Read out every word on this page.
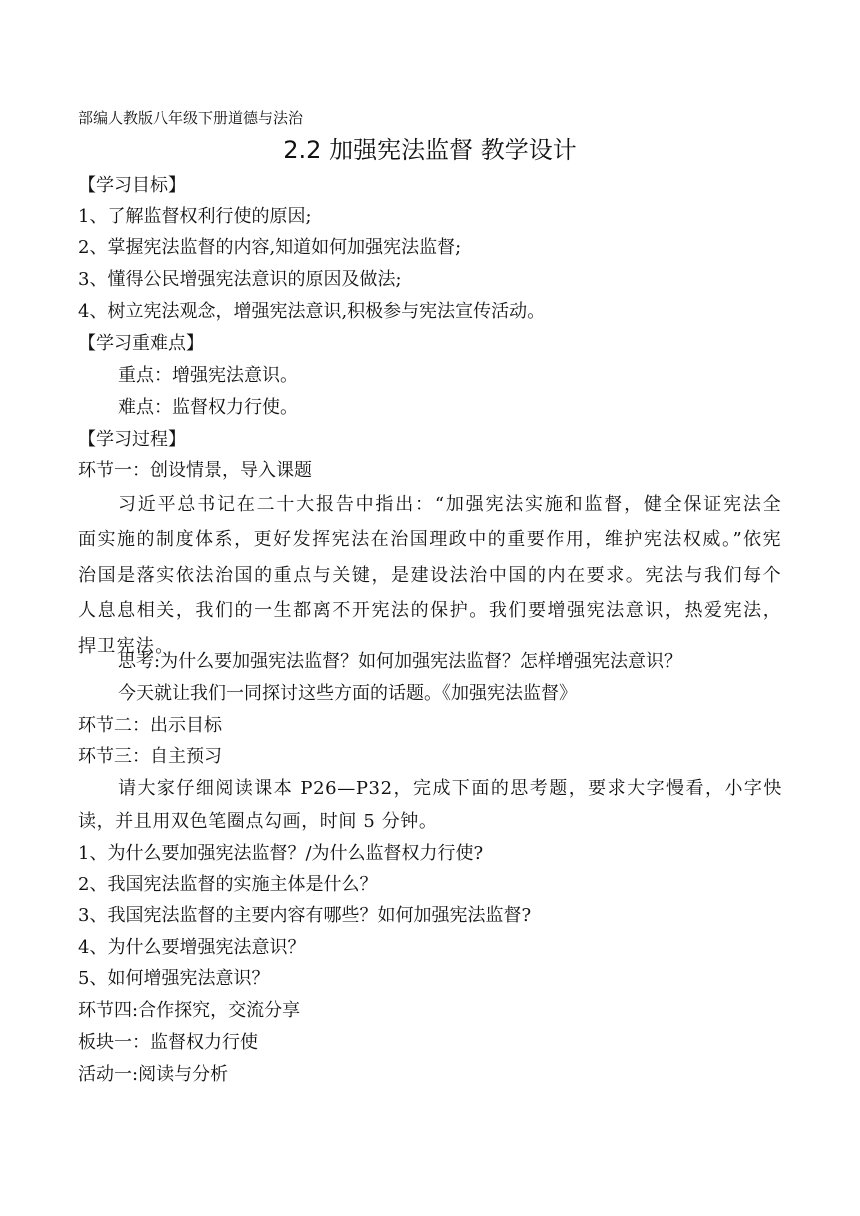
部编人教版八年级下册道德与法治
2.2 加强宪法监督 教学设计
【学习目标】
1、了解监督权利行使的原因;
2、掌握宪法监督的内容,知道如何加强宪法监督;
3、懂得公民增强宪法意识的原因及做法;
4、树立宪法观念，增强宪法意识,积极参与宪法宣传活动。
【学习重难点】
重点：增强宪法意识。
难点：监督权力行使。
【学习过程】
环节一：创设情景，导入课题
习近平总书记在二十大报告中指出：“加强宪法实施和监督，健全保证宪法全面实施的制度体系，更好发挥宪法在治国理政中的重要作用，维护宪法权威。”依宪治国是落实依法治国的重点与关键，是建设法治中国的内在要求。宪法与我们每个人息息相关，我们的一生都离不开宪法的保护。我们要增强宪法意识，热爱宪法，捍卫宪法。
思考:为什么要加强宪法监督？如何加强宪法监督？怎样增强宪法意识？
今天就让我们一同探讨这些方面的话题。《加强宪法监督》
环节二：出示目标
环节三：自主预习
请大家仔细阅读课本 P26—P32，完成下面的思考题，要求大字慢看，小字快读，并且用双色笔圈点勾画，时间 5 分钟。
1、为什么要加强宪法监督？/为什么监督权力行使?
2、我国宪法监督的实施主体是什么？
3、我国宪法监督的主要内容有哪些？如何加强宪法监督?
4、为什么要增强宪法意识？
5、如何增强宪法意识？
环节四:合作探究，交流分享
板块一：监督权力行使
活动一:阅读与分析
